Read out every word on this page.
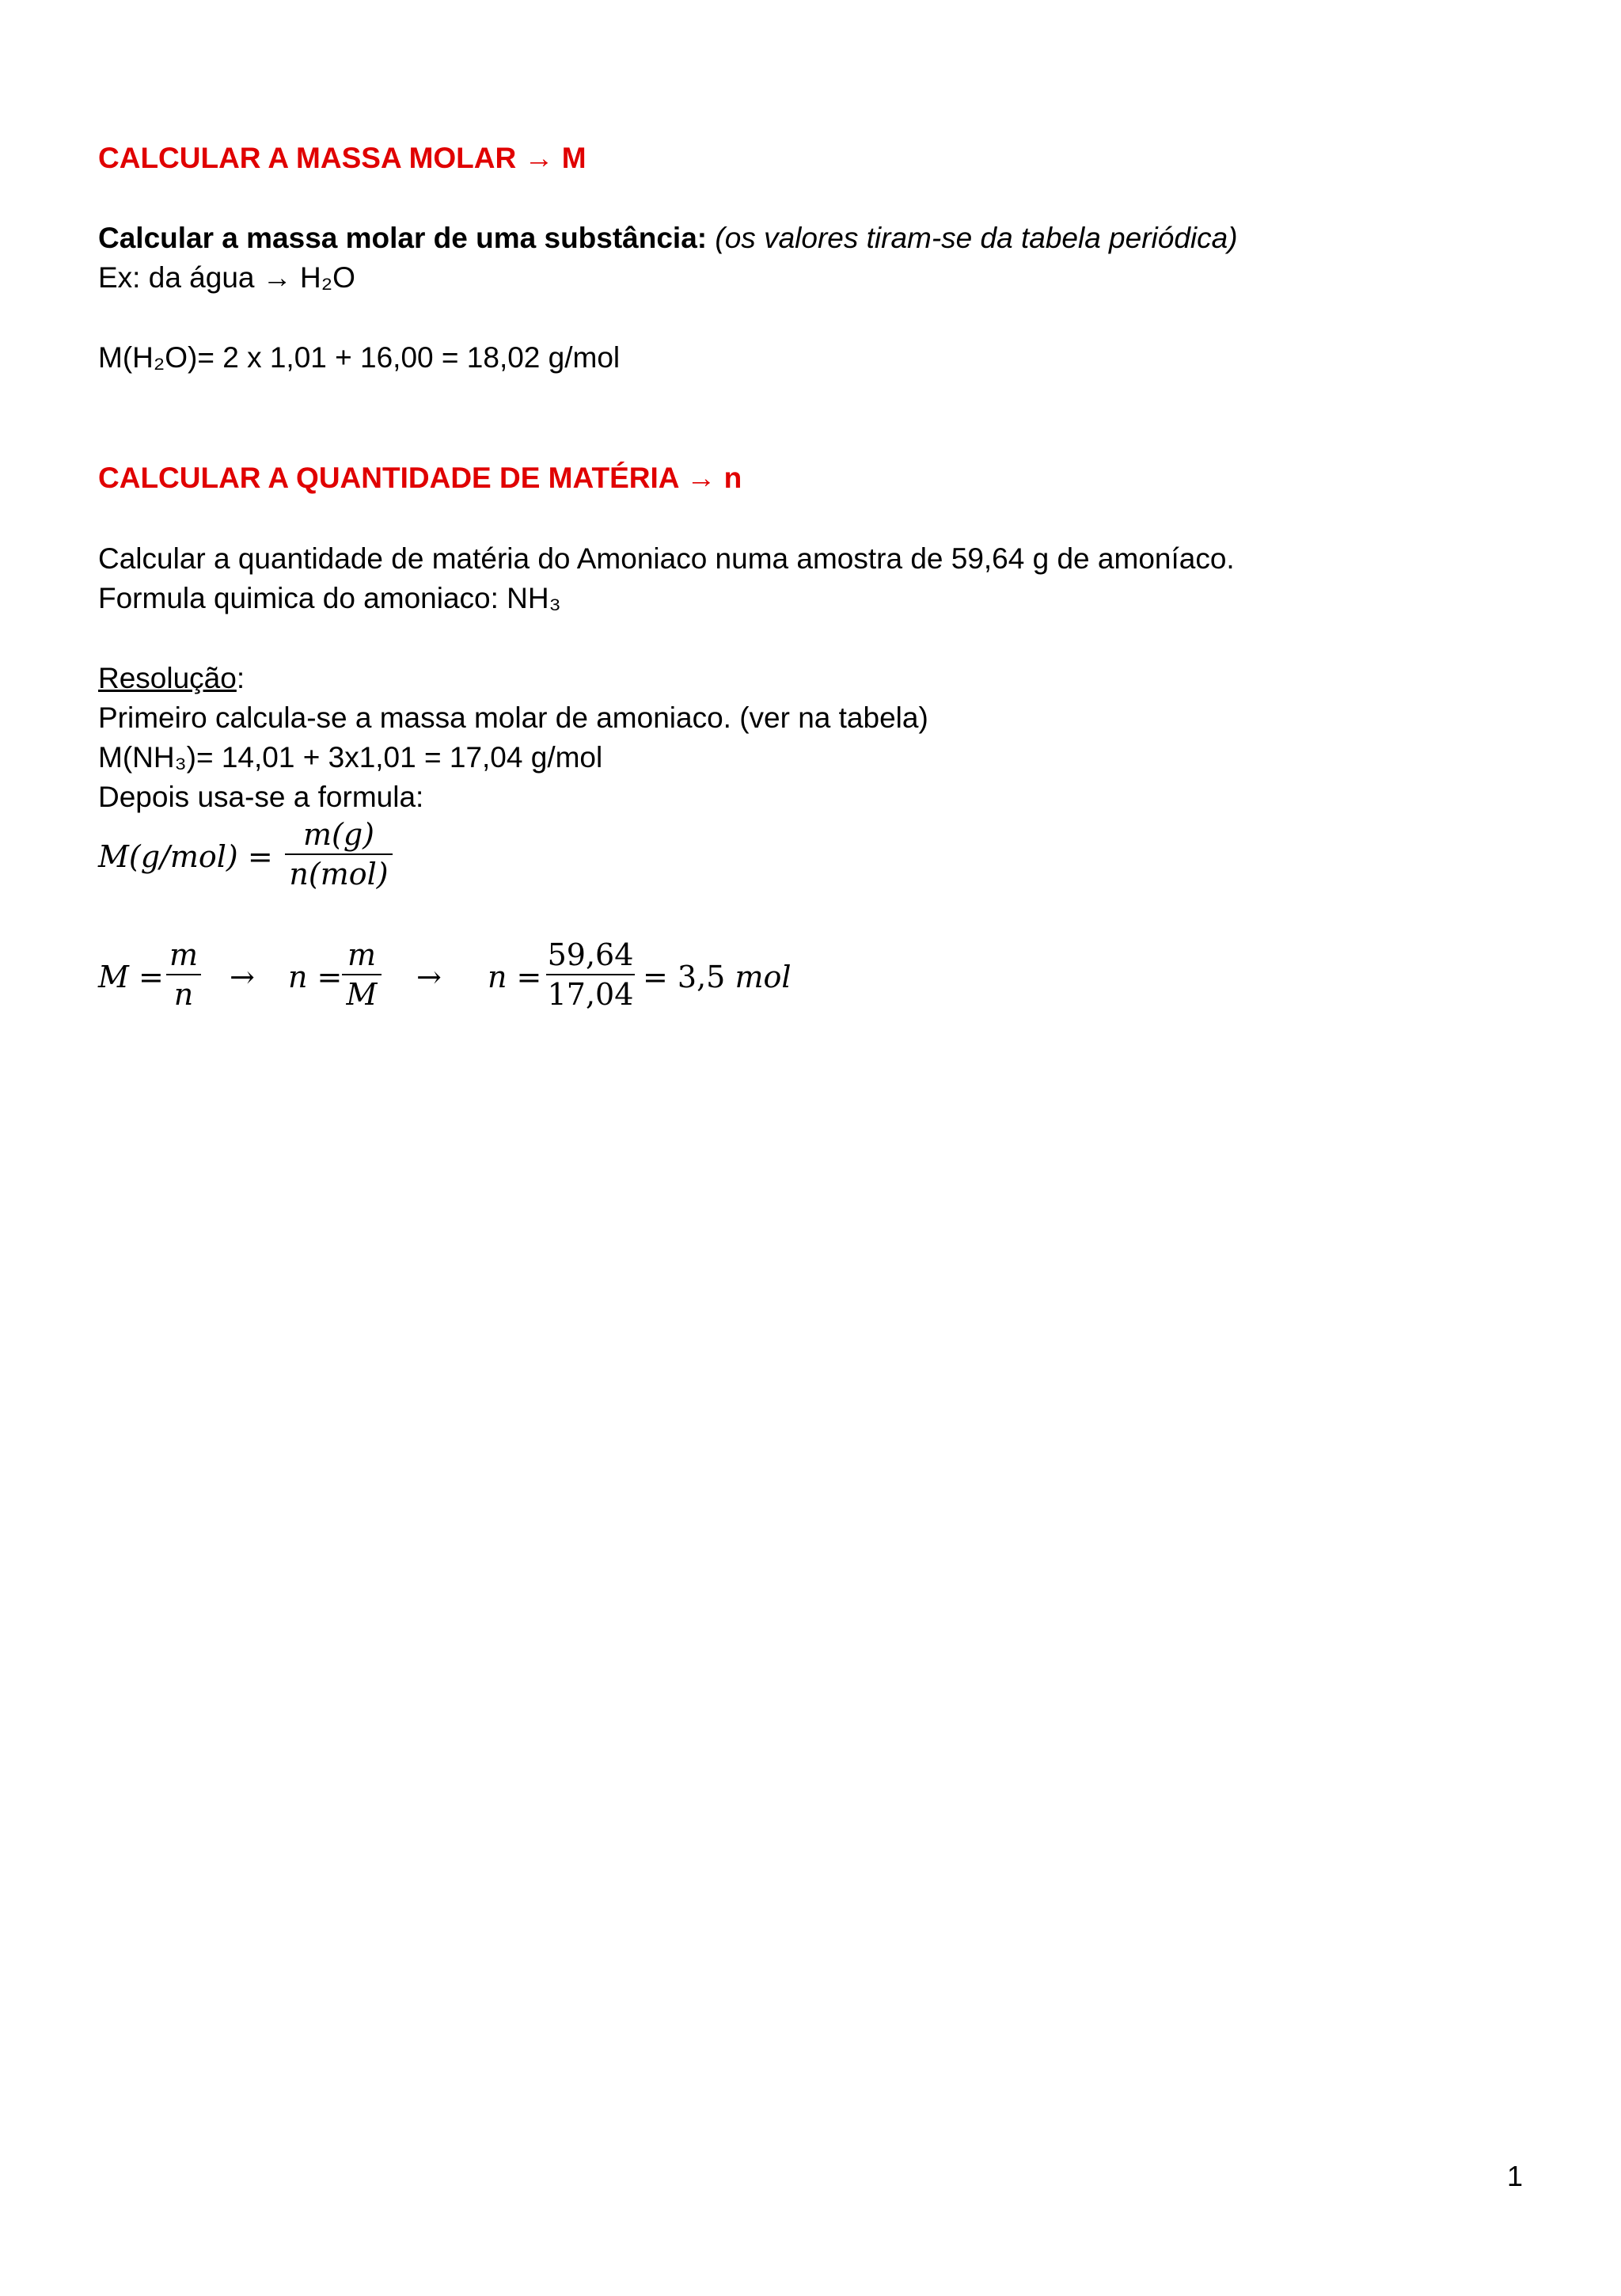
CALCULAR A MASSA MOLAR → M
Calcular a massa molar de uma substância: (os valores tiram-se da tabela periódica)
Ex: da água → H₂O
M(H₂O)= 2 x 1,01 + 16,00 = 18,02 g/mol
CALCULAR A QUANTIDADE DE MATÉRIA → n
Calcular a quantidade de matéria do Amoniaco numa amostra de 59,64 g de amoníaco.
Formula quimica do amoniaco: NH₃
Resolução:
Primeiro calcula-se a massa molar de amoniaco. (ver na tabela)
M(NH₃)= 14,01 + 3x1,01 = 17,04 g/mol
Depois usa-se a formula:
M(g/mol) =
m(g)
n(mol)
M =
m
n → n =
m
M → n =
59,64
17,04 = 3,5 mol
1
